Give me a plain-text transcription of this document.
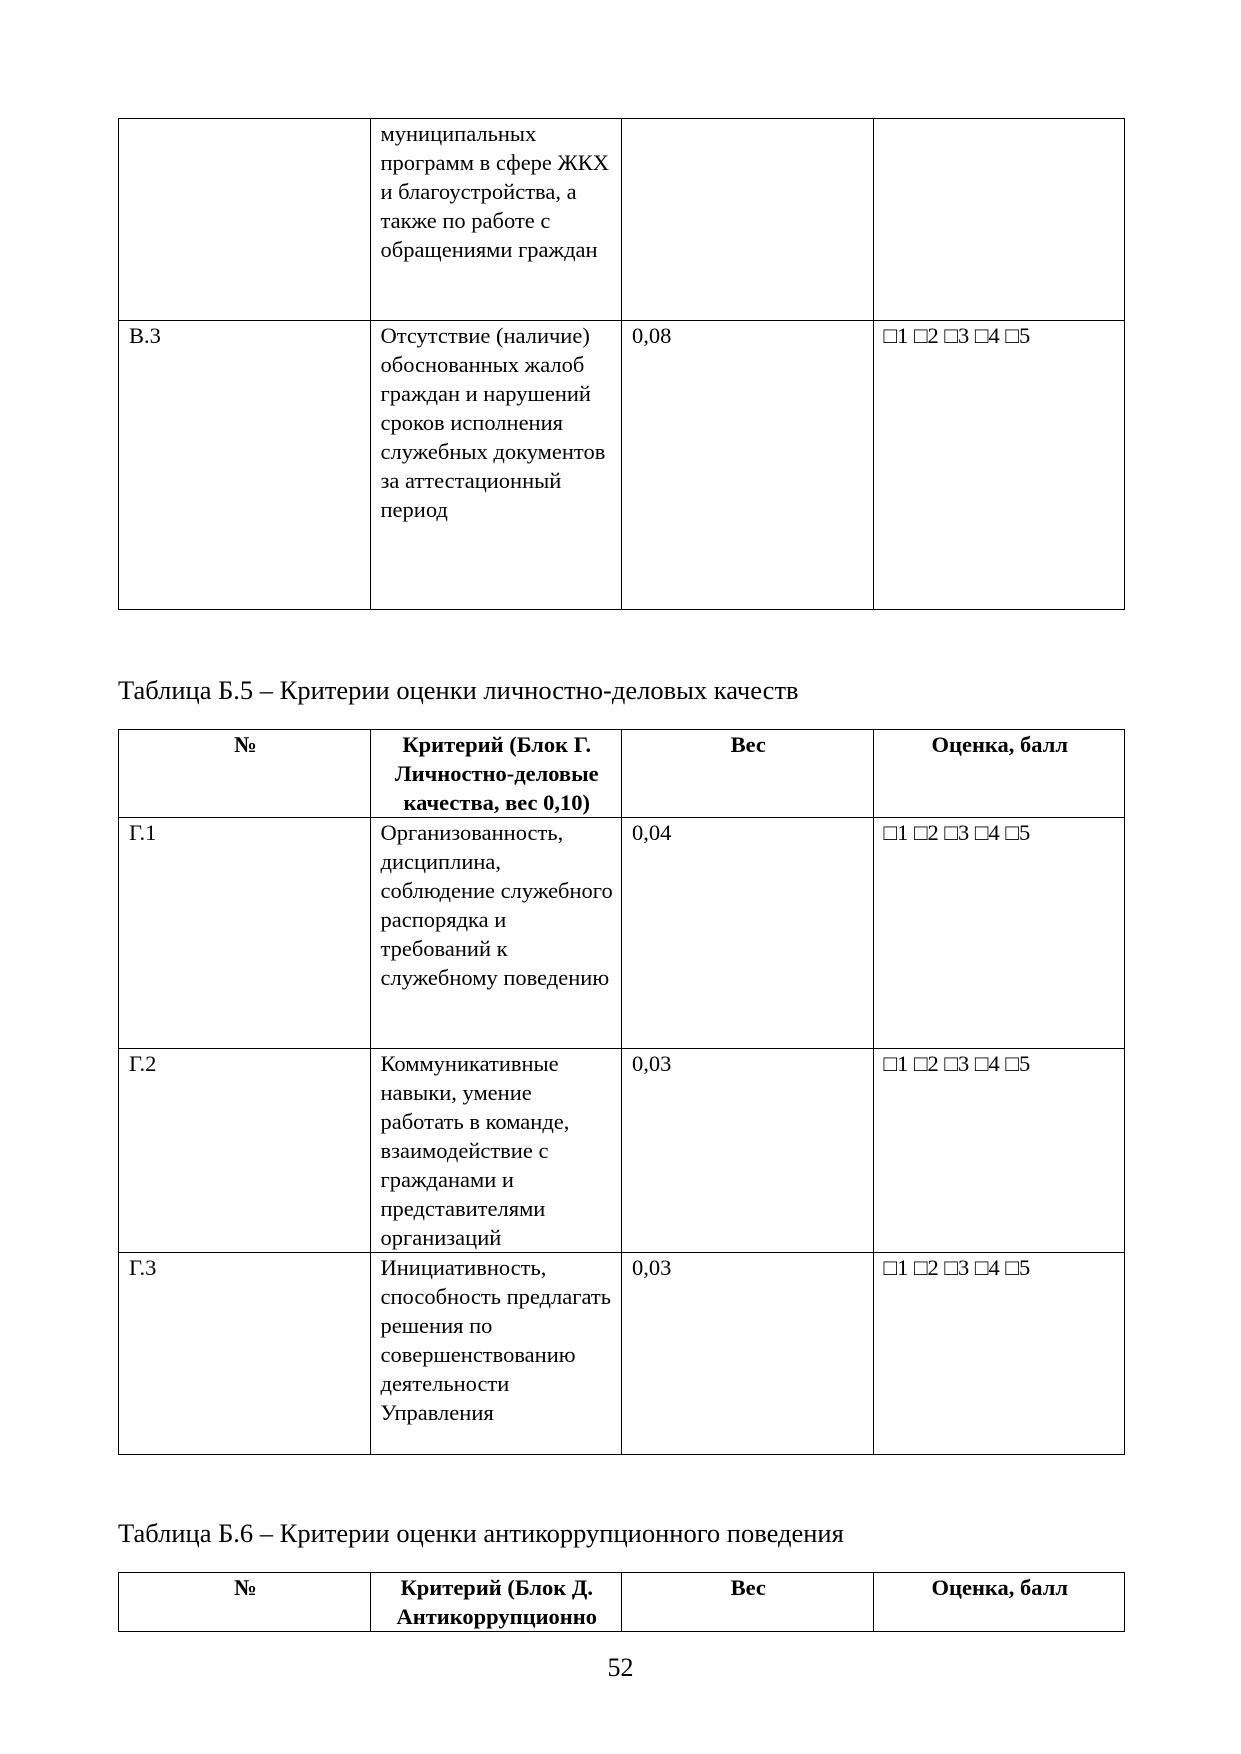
	муниципальных программ в сфере ЖКХ и благоустройства, а также по работе с обращениями граждан		
В.3	Отсутствие (наличие) обоснованных жалоб граждан и нарушений сроков исполнения служебных документов за аттестационный период	0,08	□1 □2 □3 □4 □5
Таблица Б.5 – Критерии оценки личностно-деловых качеств
№	Критерий (Блок Г. Личностно-деловые качества, вес 0,10)	Вес	Оценка, балл
Г.1	Организованность, дисциплина, соблюдение служебного распорядка и требований к служебному поведению	0,04	□1 □2 □3 □4 □5
Г.2	Коммуникативные навыки, умение работать в команде, взаимодействие с гражданами и представителями организаций	0,03	□1 □2 □3 □4 □5
Г.3	Инициативность, способность предлагать решения по совершенствованию деятельности Управления	0,03	□1 □2 □3 □4 □5
Таблица Б.6 – Критерии оценки антикоррупционного поведения
№	Критерий (Блок Д. Антикоррупционно	Вес	Оценка, балл
52
